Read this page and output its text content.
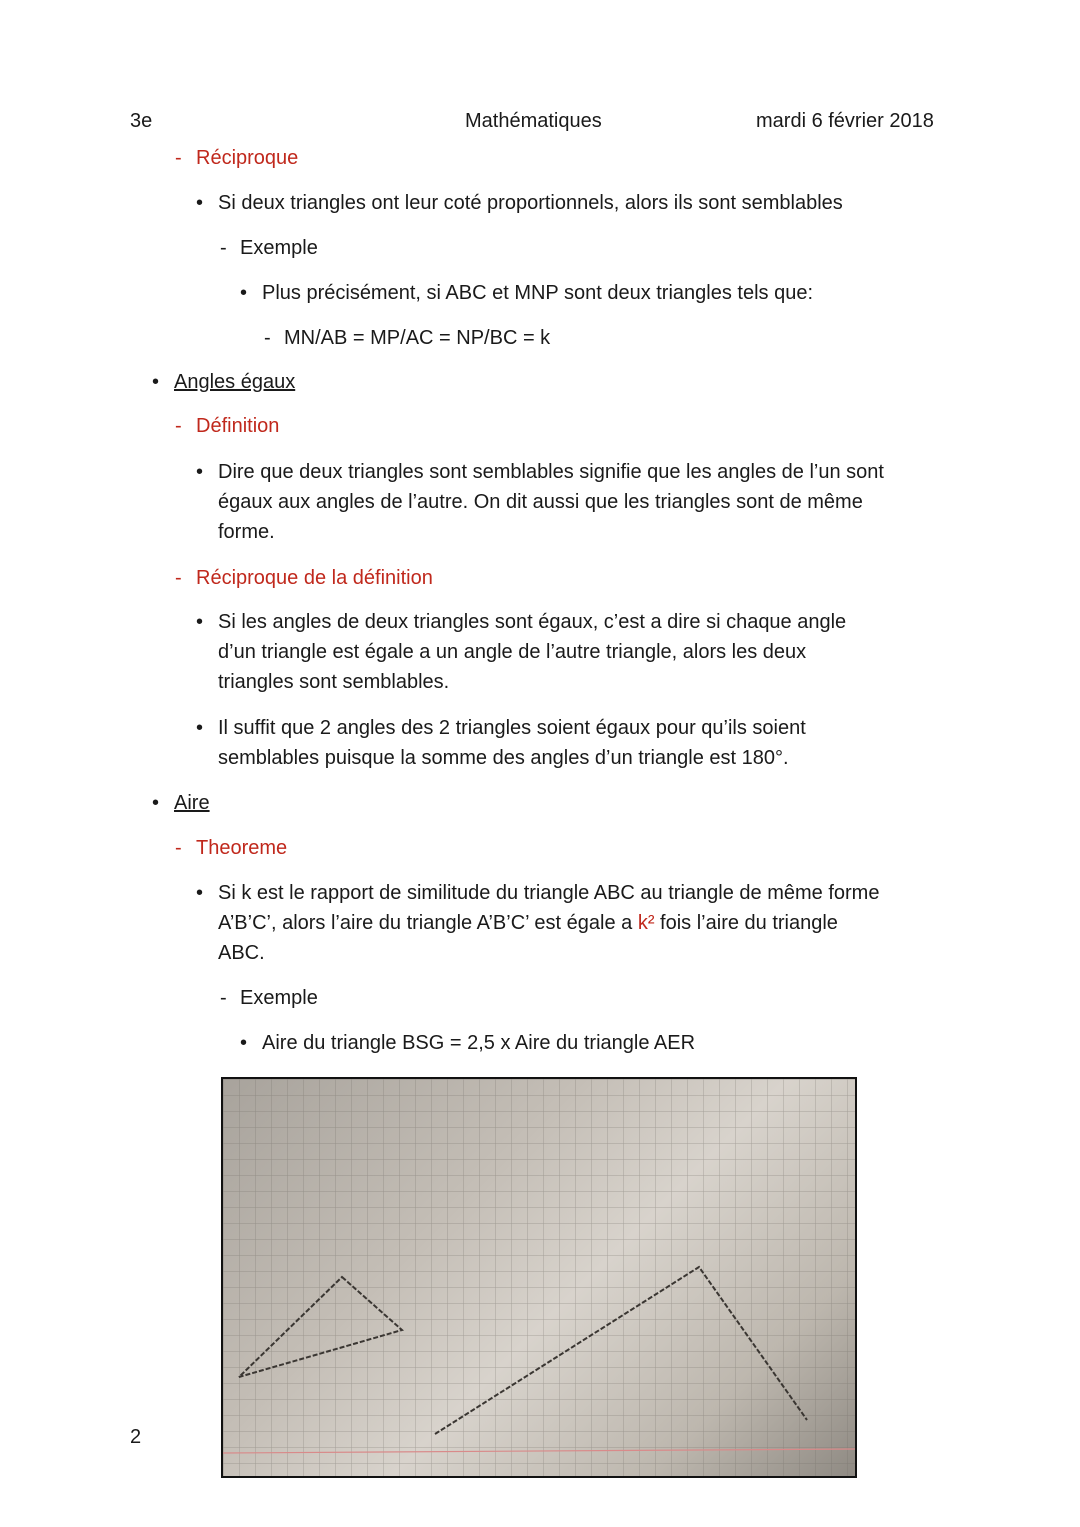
3e	Mathématiques	mardi 6 février 2018
- Réciproque
• Si deux triangles ont leur coté proportionnels, alors ils sont semblables
- Exemple
• Plus précisément, si ABC et MNP sont deux triangles tels que:
- MN/AB = MP/AC = NP/BC = k
• Angles égaux
- Définition
• Dire que deux triangles sont semblables signifie que les angles de l’un sont
égaux aux angles de l’autre. On dit aussi que les triangles sont de même
forme.
- Réciproque de la définition
• Si les angles de deux triangles sont égaux, c’est a dire si chaque angle
d’un triangle est égale a un angle de l’autre triangle, alors les deux
triangles sont semblables.
• Il suffit que 2 angles des 2 triangles soient égaux pour qu’ils soient
semblables puisque la somme des angles d’un triangle est 180°.
• Aire
- Theoreme
• Si k est le rapport de similitude du triangle ABC au triangle de même forme
A’B’C’, alors l’aire du triangle A’B’C’ est égale a k² fois l’aire du triangle
ABC.
- Exemple
• Aire du triangle BSG = 2,5 x Aire du triangle AER
2
